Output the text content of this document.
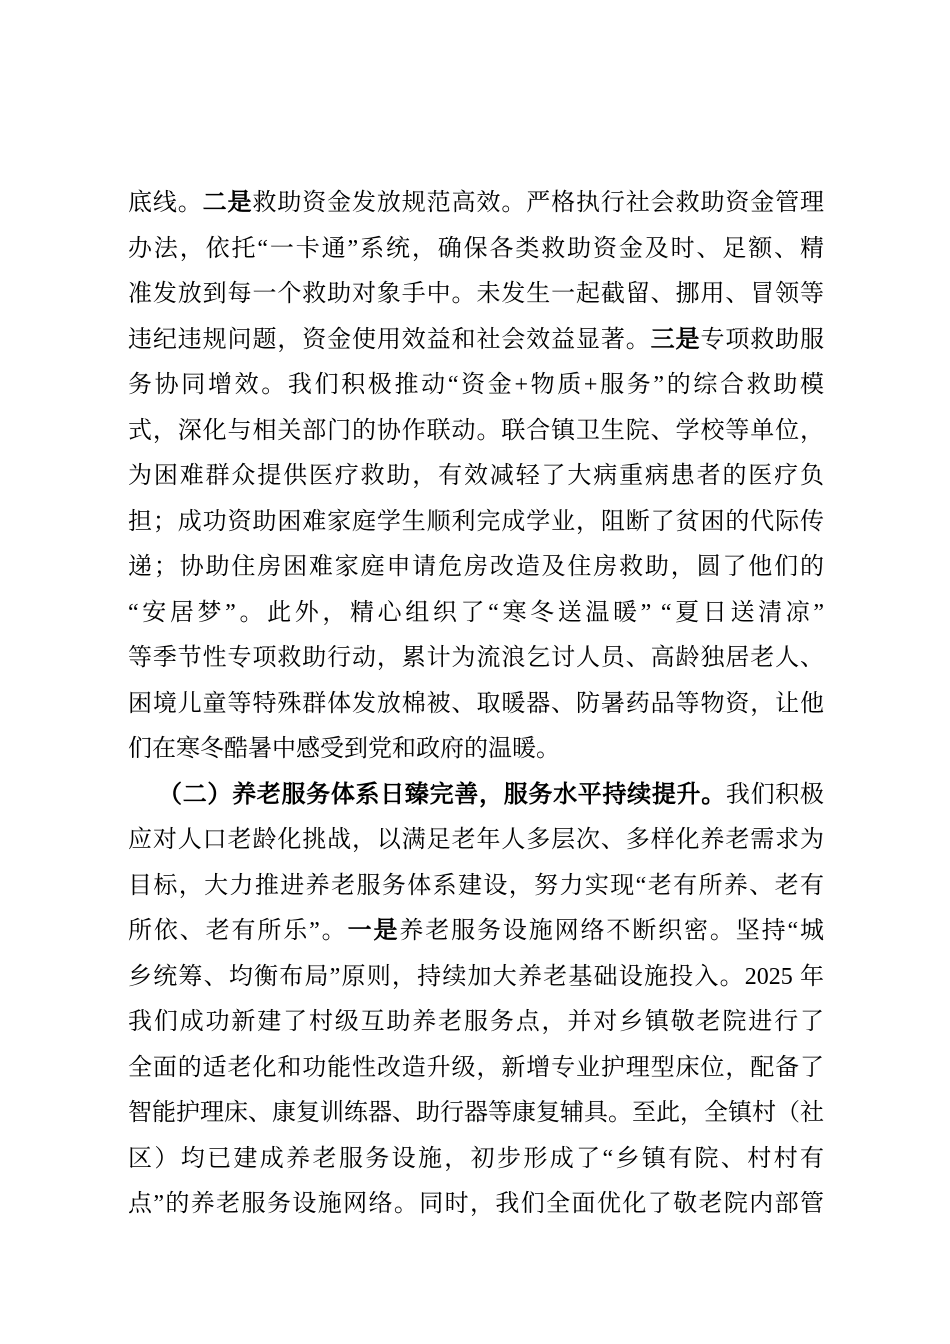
底线。二是救助资金发放规范高效。严格执行社会救助资金管理
办法，依托“一卡通”系统，确保各类救助资金及时、足额、精
准发放到每一个救助对象手中。未发生一起截留、挪用、冒领等
违纪违规问题，资金使用效益和社会效益显著。三是专项救助服
务协同增效。我们积极推动“资金+物质+服务”的综合救助模
式，深化与相关部门的协作联动。联合镇卫生院、学校等单位，
为困难群众提供医疗救助，有效减轻了大病重病患者的医疗负
担；成功资助困难家庭学生顺利完成学业，阻断了贫困的代际传
递；协助住房困难家庭申请危房改造及住房救助，圆了他们的
“安居梦”。此外，精心组织了“寒冬送温暖” “夏日送清凉”
等季节性专项救助行动，累计为流浪乞讨人员、高龄独居老人、
困境儿童等特殊群体发放棉被、取暖器、防暑药品等物资，让他
们在寒冬酷暑中感受到党和政府的温暖。
（二）养老服务体系日臻完善，服务水平持续提升。我们积极
应对人口老龄化挑战，以满足老年人多层次、多样化养老需求为
目标，大力推进养老服务体系建设，努力实现“老有所养、老有
所依、老有所乐”。一是养老服务设施网络不断织密。坚持“城
乡统筹、均衡布局”原则，持续加大养老基础设施投入。2025 年
我们成功新建了村级互助养老服务点，并对乡镇敬老院进行了
全面的适老化和功能性改造升级，新增专业护理型床位，配备了
智能护理床、康复训练器、助行器等康复辅具。至此，全镇村（社
区）均已建成养老服务设施，初步形成了“乡镇有院、村村有
点”的养老服务设施网络。同时，我们全面优化了敬老院内部管
